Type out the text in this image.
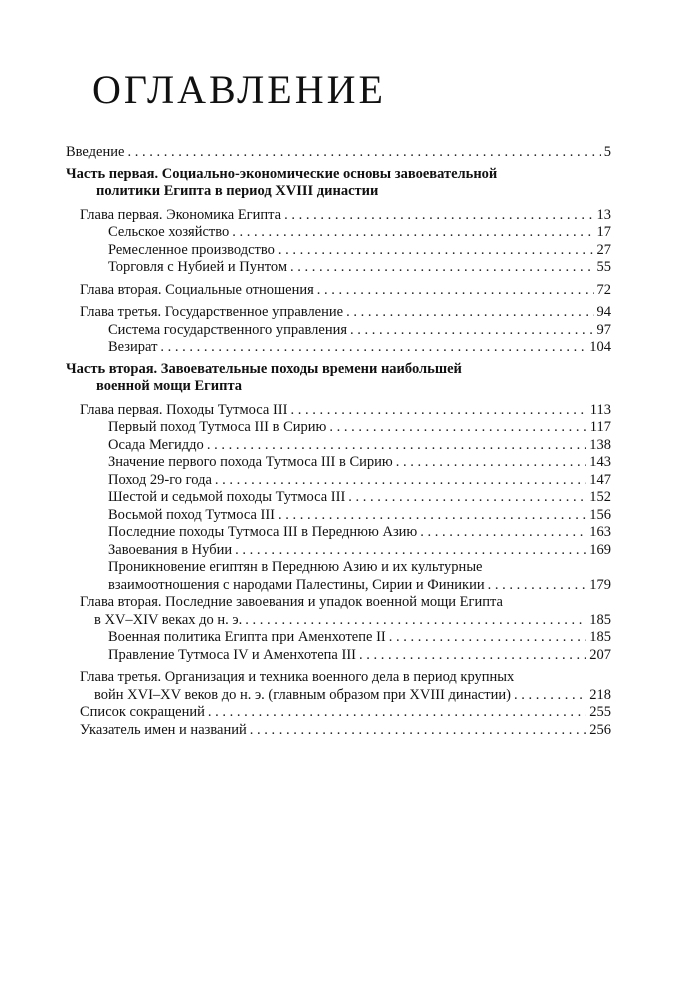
ОГЛАВЛЕНИЕ
Введение . . .	5
Часть первая. Социально-экономические основы завоевательной
политики Египта в период XVIII династии
Глава первая. Экономика Египта . . .	13
Сельское хозяйство . . .	17
Ремесленное производство . . .	27
Торговля с Нубией и Пунтом . . .	55
Глава вторая. Социальные отношения . . .	72
Глава третья. Государственное управление . . .	94
Система государственного управления . . .	97
Везират . . .	104
Часть вторая. Завоевательные походы времени наибольшей
военной мощи Египта
Глава первая. Походы Тутмоса III . . .	113
Первый поход Тутмоса III в Сирию . . .	117
Осада Мегиддо . . .	138
Значение первого похода Тутмоса III в Сирию . . .	143
Поход 29-го года . . .	147
Шестой и седьмой походы Тутмоса III . . .	152
Восьмой поход Тутмоса III . . .	156
Последние походы Тутмоса III в Переднюю Азию . . .	163
Завоевания в Нубии . . .	169
Проникновение египтян в Переднюю Азию и их культурные
взаимоотношения с народами Палестины, Сирии и Финикии . . .	179
Глава вторая. Последние завоевания и упадок военной мощи Египта
в XV–XIV веках до н. э. . . .	185
Военная политика Египта при Аменхотепе II . . .	185
Правление Тутмоса IV и Аменхотепа III . . .	207
Глава третья. Организация и техника военного дела в период крупных
войн XVI–XV веков до н. э. (главным образом при XVIII династии) . . .	218
Список сокращений . . .	255
Указатель имен и названий . . .	256
